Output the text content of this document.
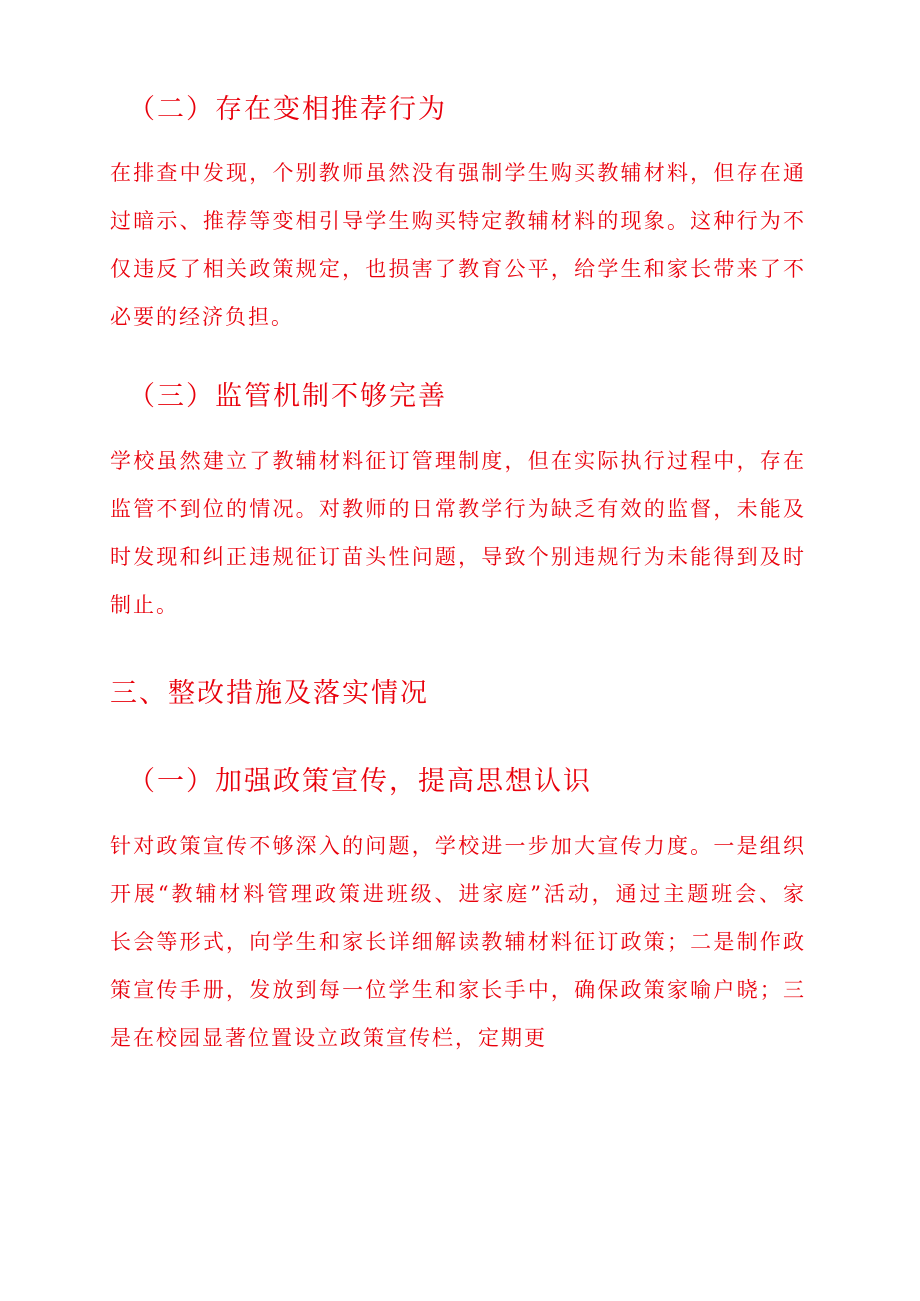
（二）存在变相推荐行为
在排查中发现，个别教师虽然没有强制学生购买教辅材料，但存在通
过暗示、推荐等变相引导学生购买特定教辅材料的现象。这种行为不
仅违反了相关政策规定，也损害了教育公平，给学生和家长带来了不
必要的经济负担。
（三）监管机制不够完善
学校虽然建立了教辅材料征订管理制度，但在实际执行过程中，存在
监管不到位的情况。对教师的日常教学行为缺乏有效的监督，未能及
时发现和纠正违规征订苗头性问题，导致个别违规行为未能得到及时
制止。
三、整改措施及落实情况
（一）加强政策宣传，提高思想认识
针对政策宣传不够深入的问题，学校进一步加大宣传力度。一是组织
开展“教辅材料管理政策进班级、进家庭”活动，通过主题班会、家
长会等形式，向学生和家长详细解读教辅材料征订政策；二是制作政
策宣传手册，发放到每一位学生和家长手中，确保政策家喻户晓；三
是在校园显著位置设立政策宣传栏，定期更
